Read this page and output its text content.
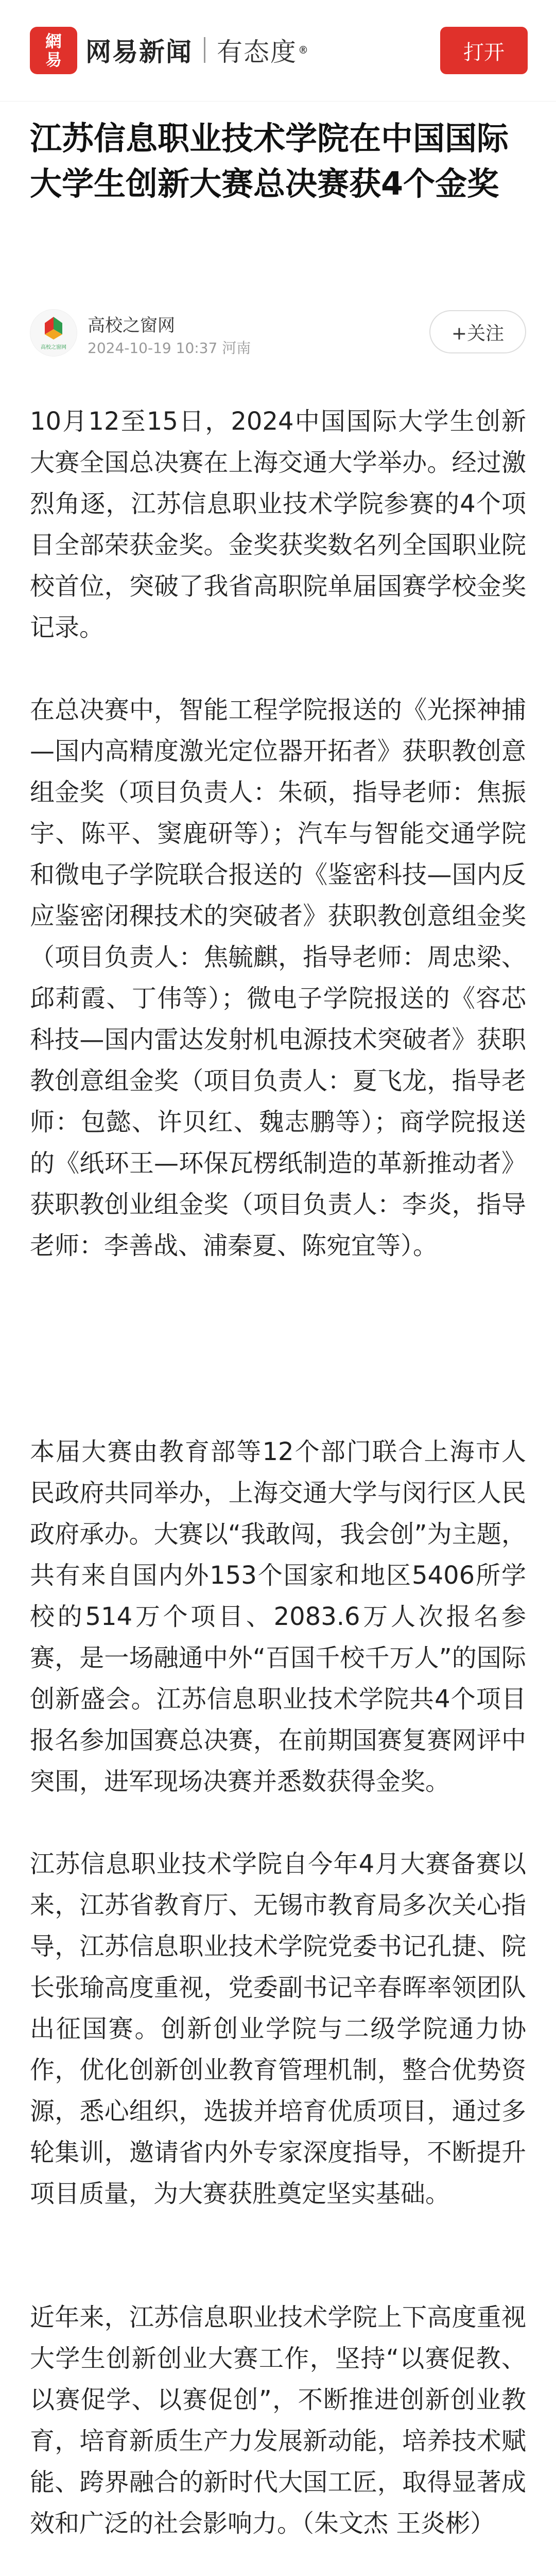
網
易 网易新闻 有态度 ®	打开
江苏信息职业技术学院在中国国际大学生创新大赛总决赛获4个金奖
高校之窗网
高校之窗网
2024-10-19 10:37 河南
+关注

10月12至15日，2024中国国际大学生创新大赛全国总决赛在上海交通大学举办。经过激烈角逐，江苏信息职业技术学院参赛的4个项目全部荣获金奖。金奖获奖数名列全国职业院校首位，突破了我省高职院单届国赛学校金奖记录。

在总决赛中，智能工程学院报送的《光探神捕—国内高精度激光定位器开拓者》获职教创意组金奖（项目负责人：朱硕，指导老师：焦振宇、陈平、窦鹿研等）；汽车与智能交通学院和微电子学院联合报送的《鉴密科技—国内反应鉴密闭稞技术的突破者》获职教创意组金奖（项目负责人：焦毓麒，指导老师：周忠梁、邱莉霞、丁伟等）；微电子学院报送的《容芯科技—国内雷达发射机电源技术突破者》获职教创意组金奖（项目负责人：夏飞龙，指导老师：包懿、许贝红、魏志鹏等）；商学院报送的《纸环王—环保瓦楞纸制造的革新推动者》获职教创业组金奖（项目负责人：李炎，指导老师：李善战、浦秦夏、陈宛宜等）。

本届大赛由教育部等12个部门联合上海市人民政府共同举办，上海交通大学与闵行区人民政府承办。大赛以“我敢闯，我会创”为主题，共有来自国内外153个国家和地区5406所学校的514万个项目、2083.6万人次报名参赛，是一场融通中外“百国千校千万人”的国际创新盛会。江苏信息职业技术学院共4个项目报名参加国赛总决赛，在前期国赛复赛网评中突围，进军现场决赛并悉数获得金奖。

江苏信息职业技术学院自今年4月大赛备赛以来，江苏省教育厅、无锡市教育局多次关心指导，江苏信息职业技术学院党委书记孔捷、院长张瑜高度重视，党委副书记辛春晖率领团队出征国赛。创新创业学院与二级学院通力协作，优化创新创业教育管理机制，整合优势资源，悉心组织，选拔并培育优质项目，通过多轮集训，邀请省内外专家深度指导，不断提升项目质量，为大赛获胜奠定坚实基础。

近年来，江苏信息职业技术学院上下高度重视大学生创新创业大赛工作，坚持“以赛促教、以赛促学、以赛促创”，不断推进创新创业教育，培育新质生产力发展新动能，培养技术赋能、跨界融合的新时代大国工匠，取得显著成效和广泛的社会影响力。（朱文杰 王炎彬）
